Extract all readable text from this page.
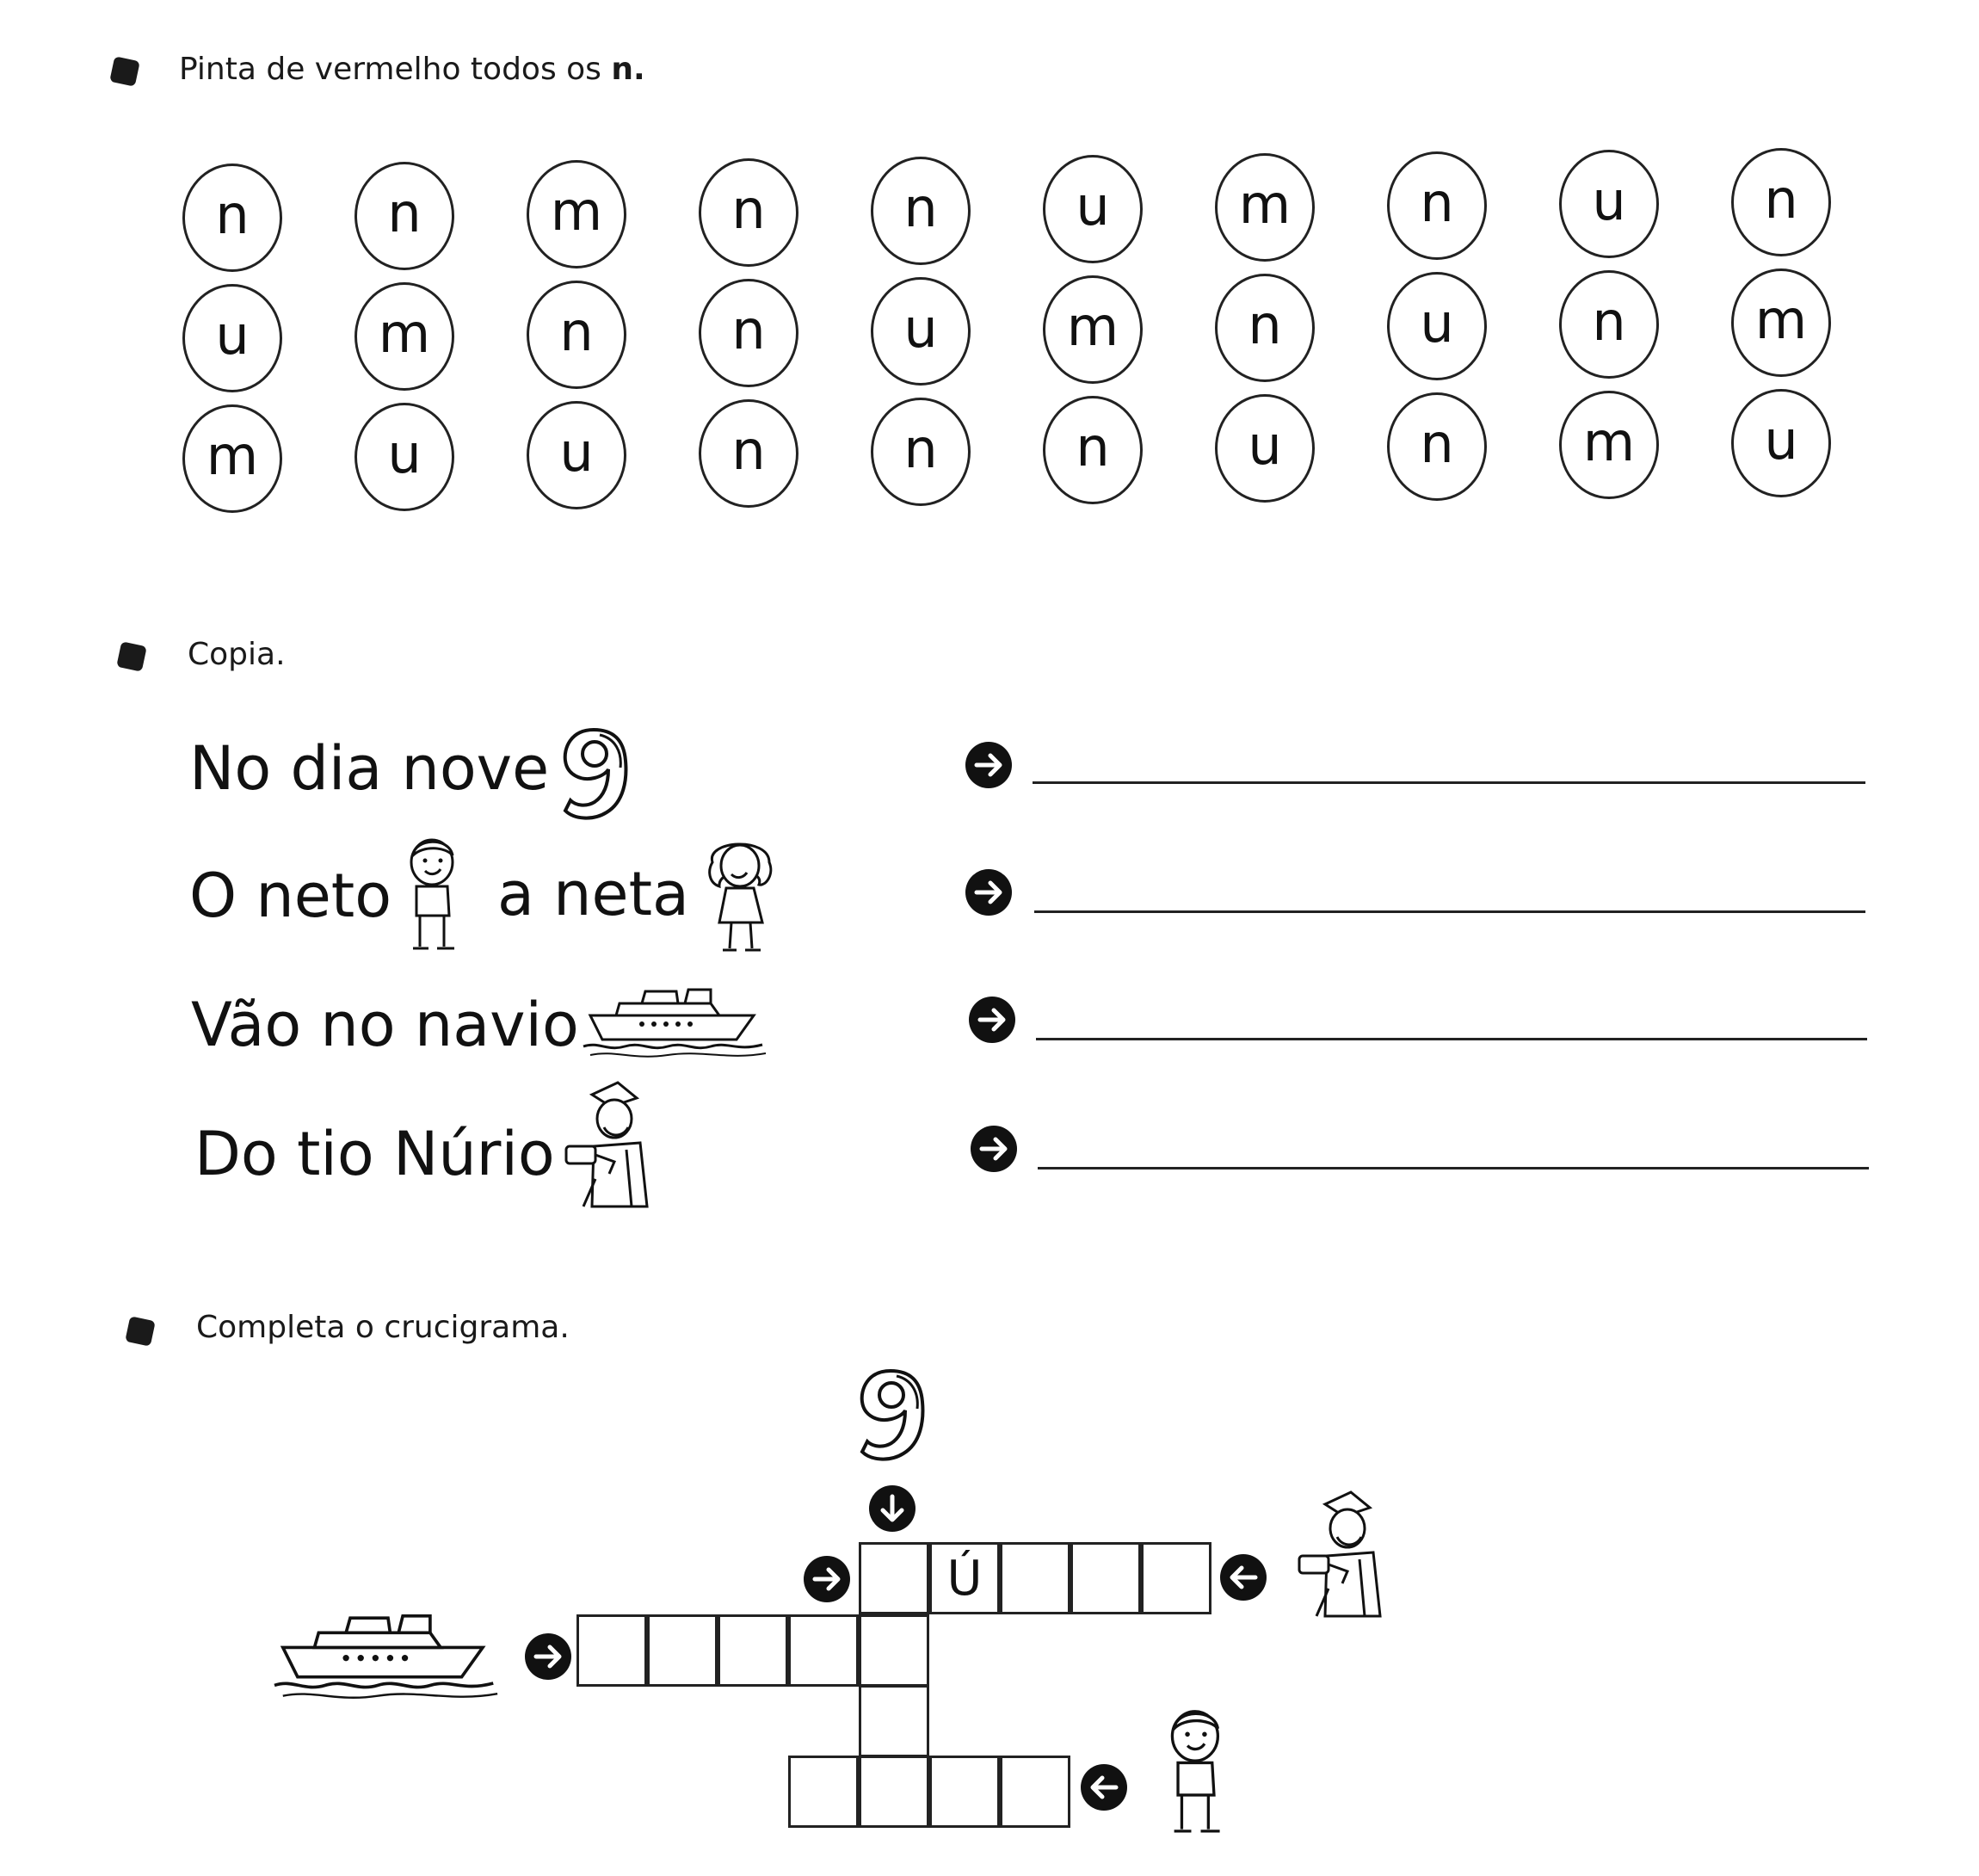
Pinta de vermelho todos os n.
n	n	m	n	n	u	m	n	u	n
u	m	n	n	u	m	n	u	n	m
m	u	u	n	n	n	u	n	m	u
Copia.
No dia nove
O neto a neta
Vão no navio
Do tio Núrio
Completa o crucigrama.
Ú
